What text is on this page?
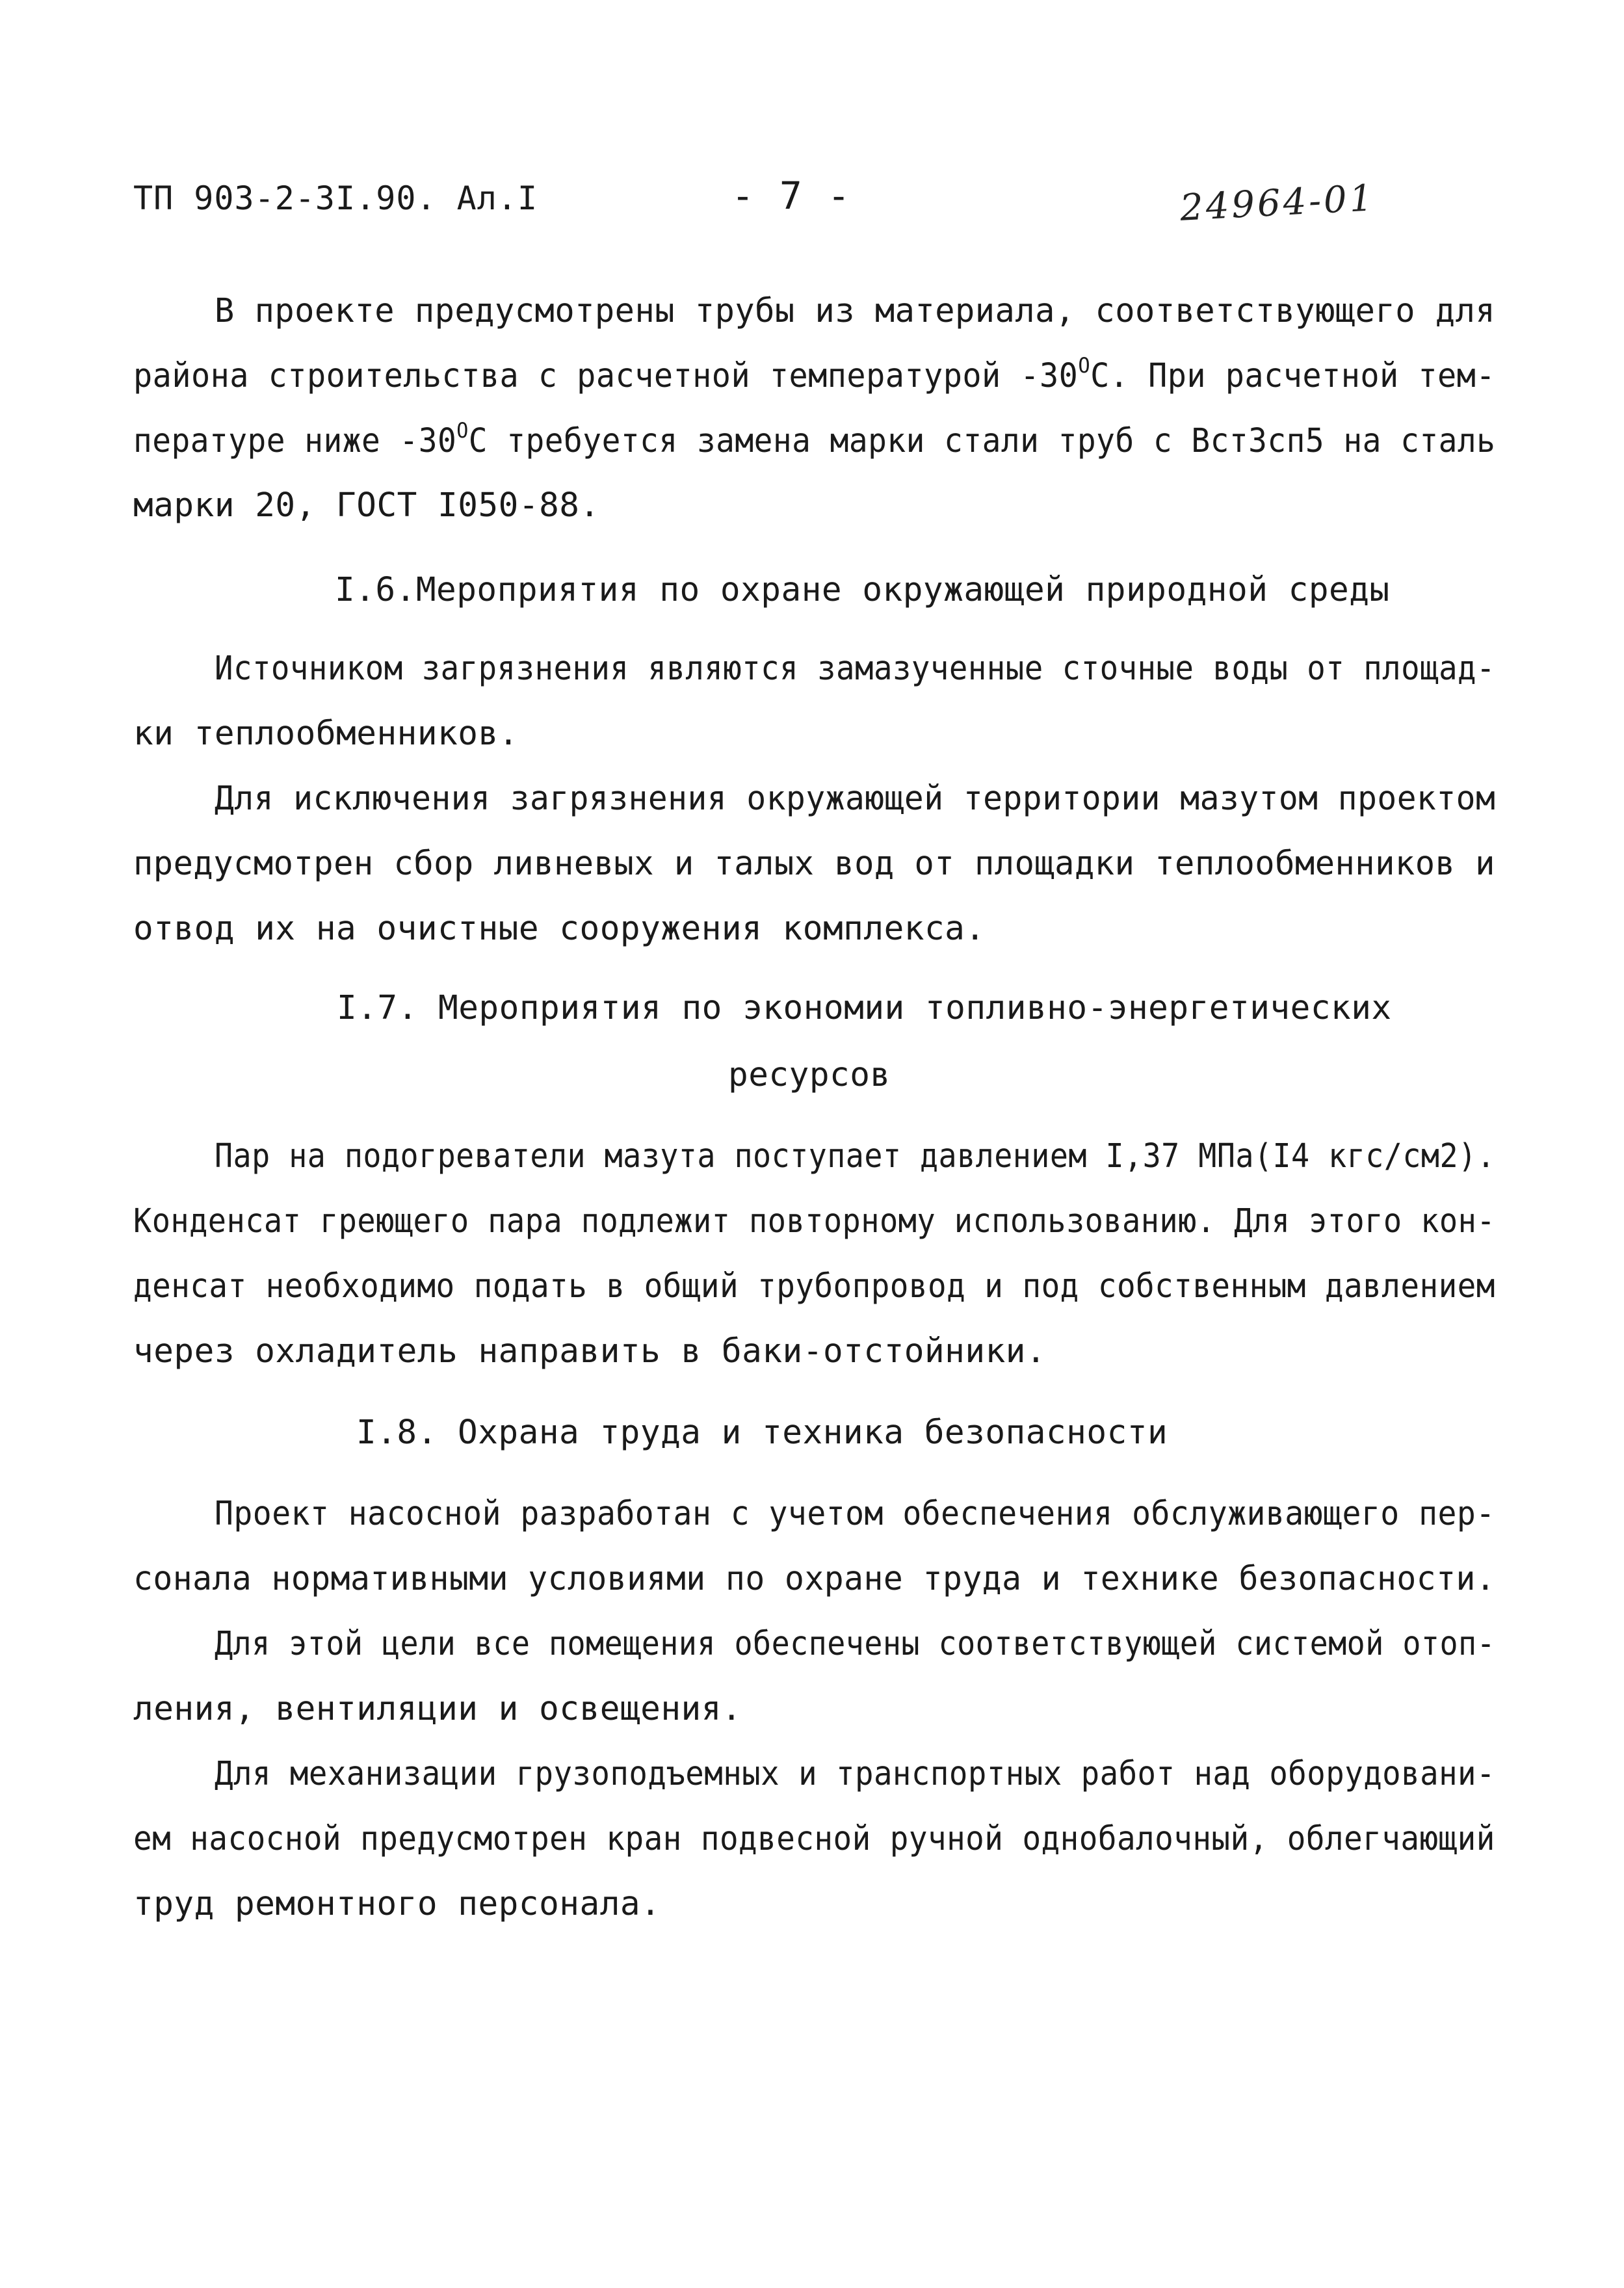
ТП 903-2-3I.90. Ал.I	- 7 -	24964-01
В проекте предусмотрены трубы из материала, соответствующего для
района строительства с расчетной температурой $-30^OС$. При расчетной тем-
пературе ниже $-30^OС$ требуется замена марки стали труб с Вст3сп5 на сталь
марки 20, ГОСТ I050-88.
I.6.Мероприятия по охране окружающей природной среды
Источником загрязнения являются замазученные сточные воды от площад-
ки теплообменников.
Для исключения загрязнения окружающей территории мазутом проектом
предусмотрен сбор ливневых и талых вод от площадки теплообменников и
отвод их на очистные сооружения комплекса.
I.7. Мероприятия по экономии топливно-энергетических
ресурсов
Пар на подогреватели мазута поступает давлением I,37 МПа(I4 кгс/см2).
Конденсат греющего пара подлежит повторному использованию. Для этого кон-
денсат необходимо подать в общий трубопровод и под собственным давлением
через охладитель направить в баки-отстойники.
I.8. Охрана труда и техника безопасности
Проект насосной разработан с учетом обеспечения обслуживающего пер-
сонала нормативными условиями по охране труда и технике безопасности.
Для этой цели все помещения обеспечены соответствующей системой отоп-
ления, вентиляции и освещения.
Для механизации грузоподъемных и транспортных работ над оборудовани-
ем насосной предусмотрен кран подвесной ручной однобалочный, облегчающий
труд ремонтного персонала.
